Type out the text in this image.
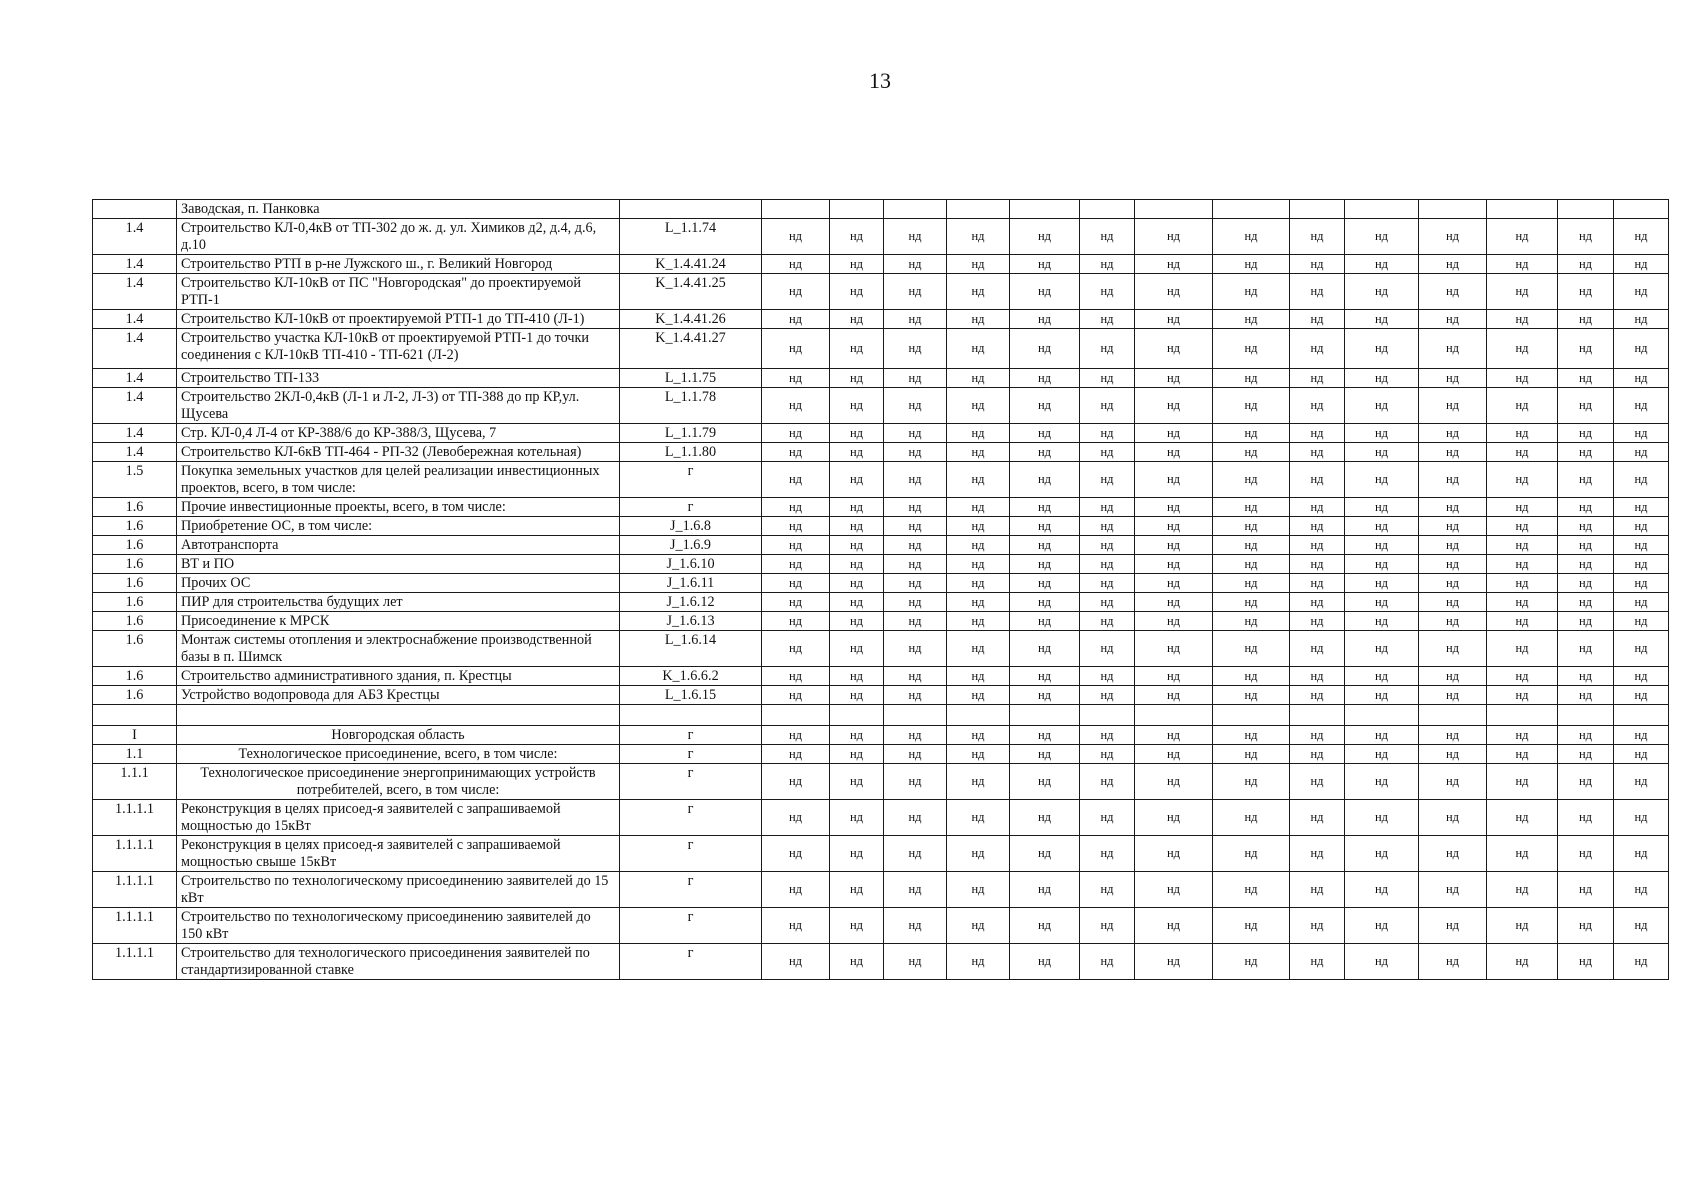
13
	Заводская, п. Панковка															
1.4	Строительство КЛ-0,4кВ от ТП-302 до ж. д. ул. Химиков д2, д.4, д.6, д.10	L_1.1.74	нд	нд	нд	нд	нд	нд	нд	нд	нд	нд	нд	нд	нд	нд
1.4	Строительство РТП в р-не Лужского ш., г. Великий Новгород	K_1.4.41.24	нд	нд	нд	нд	нд	нд	нд	нд	нд	нд	нд	нд	нд	нд
1.4	Строительство КЛ-10кВ от ПС "Новгородская" до проектируемой РТП-1	K_1.4.41.25	нд	нд	нд	нд	нд	нд	нд	нд	нд	нд	нд	нд	нд	нд
1.4	Строительство КЛ-10кВ от проектируемой РТП-1 до ТП-410 (Л-1)	K_1.4.41.26	нд	нд	нд	нд	нд	нд	нд	нд	нд	нд	нд	нд	нд	нд
1.4	Строительство участка КЛ-10кВ от проектируемой РТП-1 до точки соединения с КЛ-10кВ ТП-410 - ТП-621 (Л-2)	K_1.4.41.27	нд	нд	нд	нд	нд	нд	нд	нд	нд	нд	нд	нд	нд	нд
1.4	Строительство ТП-133	L_1.1.75	нд	нд	нд	нд	нд	нд	нд	нд	нд	нд	нд	нд	нд	нд
1.4	Строительство 2КЛ-0,4кВ (Л-1 и Л-2, Л-3) от ТП-388 до пр КР,ул. Щусева	L_1.1.78	нд	нд	нд	нд	нд	нд	нд	нд	нд	нд	нд	нд	нд	нд
1.4	Стр. КЛ-0,4 Л-4 от КР-388/6 до КР-388/3, Щусева, 7	L_1.1.79	нд	нд	нд	нд	нд	нд	нд	нд	нд	нд	нд	нд	нд	нд
1.4	Строительство КЛ-6кВ ТП-464 - РП-32 (Левобережная котельная)	L_1.1.80	нд	нд	нд	нд	нд	нд	нд	нд	нд	нд	нд	нд	нд	нд
1.5	Покупка земельных участков для целей реализации инвестиционных проектов, всего, в том числе:	г	нд	нд	нд	нд	нд	нд	нд	нд	нд	нд	нд	нд	нд	нд
1.6	Прочие инвестиционные проекты, всего, в том числе:	г	нд	нд	нд	нд	нд	нд	нд	нд	нд	нд	нд	нд	нд	нд
1.6	Приобретение ОС, в том числе:	J_1.6.8	нд	нд	нд	нд	нд	нд	нд	нд	нд	нд	нд	нд	нд	нд
1.6	Автотранспорта	J_1.6.9	нд	нд	нд	нд	нд	нд	нд	нд	нд	нд	нд	нд	нд	нд
1.6	ВТ и ПО	J_1.6.10	нд	нд	нд	нд	нд	нд	нд	нд	нд	нд	нд	нд	нд	нд
1.6	Прочих ОС	J_1.6.11	нд	нд	нд	нд	нд	нд	нд	нд	нд	нд	нд	нд	нд	нд
1.6	ПИР для строительства будущих лет	J_1.6.12	нд	нд	нд	нд	нд	нд	нд	нд	нд	нд	нд	нд	нд	нд
1.6	Присоединение к МРСК	J_1.6.13	нд	нд	нд	нд	нд	нд	нд	нд	нд	нд	нд	нд	нд	нд
1.6	Монтаж системы отопления и электроснабжение производственной базы в п. Шимск	L_1.6.14	нд	нд	нд	нд	нд	нд	нд	нд	нд	нд	нд	нд	нд	нд
1.6	Строительство административного здания, п. Крестцы	K_1.6.6.2	нд	нд	нд	нд	нд	нд	нд	нд	нд	нд	нд	нд	нд	нд
1.6	Устройство водопровода для АБЗ Крестцы	L_1.6.15	нд	нд	нд	нд	нд	нд	нд	нд	нд	нд	нд	нд	нд	нд

I	Новгородская область	г	нд	нд	нд	нд	нд	нд	нд	нд	нд	нд	нд	нд	нд	нд
1.1	Технологическое присоединение, всего, в том числе:	г	нд	нд	нд	нд	нд	нд	нд	нд	нд	нд	нд	нд	нд	нд
1.1.1	Технологическое присоединение энергопринимающих устройств потребителей, всего, в том числе:	г	нд	нд	нд	нд	нд	нд	нд	нд	нд	нд	нд	нд	нд	нд
1.1.1.1	Реконструкция в целях присоед-я заявителей с запрашиваемой мощностью до 15кВт	г	нд	нд	нд	нд	нд	нд	нд	нд	нд	нд	нд	нд	нд	нд
1.1.1.1	Реконструкция в целях присоед-я заявителей с запрашиваемой мощностью свыше 15кВт	г	нд	нд	нд	нд	нд	нд	нд	нд	нд	нд	нд	нд	нд	нд
1.1.1.1	Строительство по технологическому присоединению заявителей до 15 кВт	г	нд	нд	нд	нд	нд	нд	нд	нд	нд	нд	нд	нд	нд	нд
1.1.1.1	Строительство по технологическому присоединению заявителей до 150 кВт	г	нд	нд	нд	нд	нд	нд	нд	нд	нд	нд	нд	нд	нд	нд
1.1.1.1	Строительство для технологического присоединения заявителей по стандартизированной ставке	г	нд	нд	нд	нд	нд	нд	нд	нд	нд	нд	нд	нд	нд	нд
